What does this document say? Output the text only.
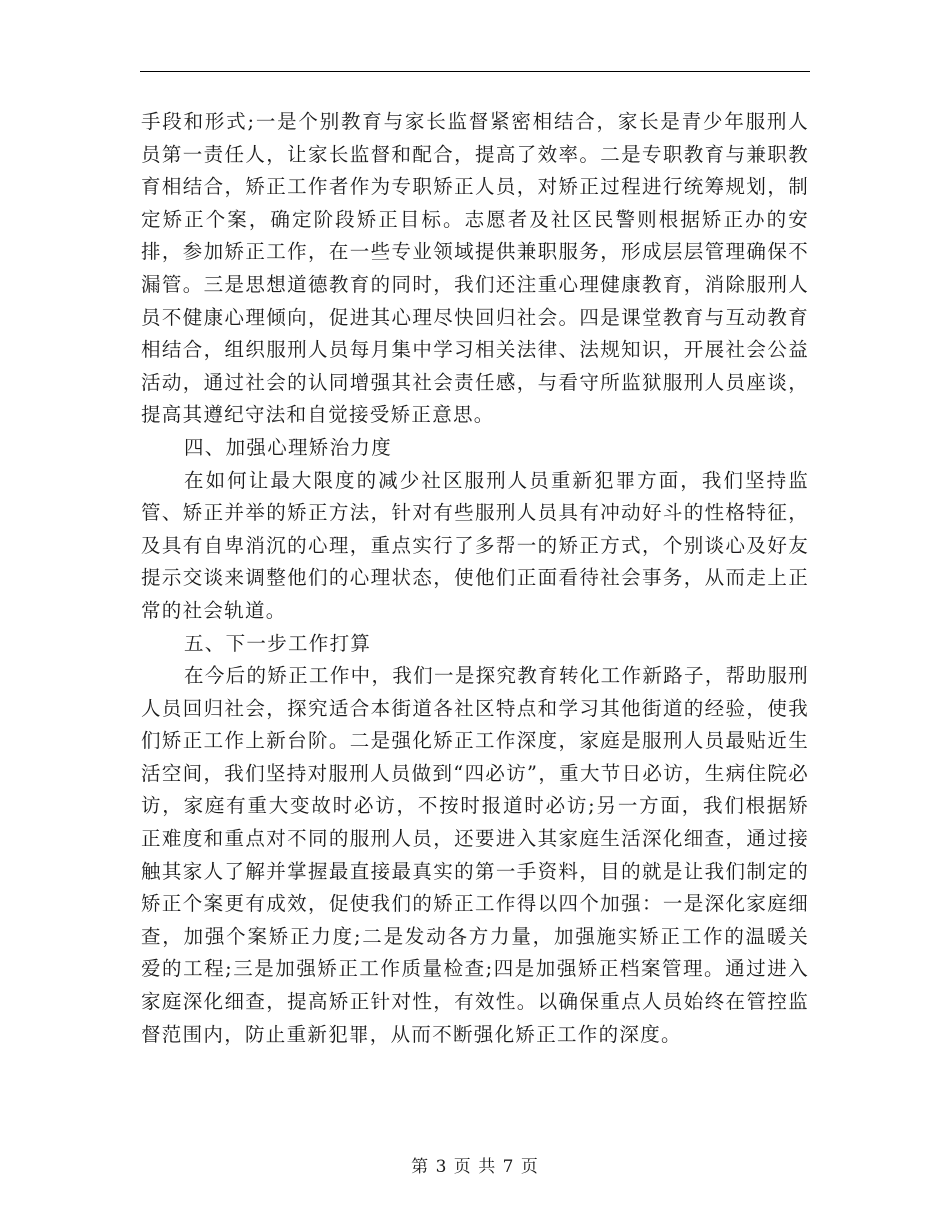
手段和形式;一是个别教育与家长监督紧密相结合，家长是青少年服刑人员第一责任人，让家长监督和配合，提高了效率。二是专职教育与兼职教育相结合，矫正工作者作为专职矫正人员，对矫正过程进行统筹规划，制定矫正个案，确定阶段矫正目标。志愿者及社区民警则根据矫正办的安排，参加矫正工作，在一些专业领域提供兼职服务，形成层层管理确保不漏管。三是思想道德教育的同时，我们还注重心理健康教育，消除服刑人员不健康心理倾向，促进其心理尽快回归社会。四是课堂教育与互动教育相结合，组织服刑人员每月集中学习相关法律、法规知识，开展社会公益活动，通过社会的认同增强其社会责任感，与看守所监狱服刑人员座谈，提高其遵纪守法和自觉接受矫正意思。

四、加强心理矫治力度

在如何让最大限度的减少社区服刑人员重新犯罪方面，我们坚持监管、矫正并举的矫正方法，针对有些服刑人员具有冲动好斗的性格特征，及具有自卑消沉的心理，重点实行了多帮一的矫正方式，个别谈心及好友提示交谈来调整他们的心理状态，使他们正面看待社会事务，从而走上正常的社会轨道。

五、下一步工作打算

在今后的矫正工作中，我们一是探究教育转化工作新路子，帮助服刑人员回归社会，探究适合本街道各社区特点和学习其他街道的经验，使我们矫正工作上新台阶。二是强化矫正工作深度，家庭是服刑人员最贴近生活空间，我们坚持对服刑人员做到“四必访”，重大节日必访，生病住院必访，家庭有重大变故时必访，不按时报道时必访;另一方面，我们根据矫正难度和重点对不同的服刑人员，还要进入其家庭生活深化细查，通过接触其家人了解并掌握最直接最真实的第一手资料，目的就是让我们制定的矫正个案更有成效，促使我们的矫正工作得以四个加强：一是深化家庭细查，加强个案矫正力度;二是发动各方力量，加强施实矫正工作的温暖关爱的工程;三是加强矫正工作质量检查;四是加强矫正档案管理。通过进入家庭深化细查，提高矫正针对性，有效性。以确保重点人员始终在管控监督范围内，防止重新犯罪，从而不断强化矫正工作的深度。

第 3 页 共 7 页
